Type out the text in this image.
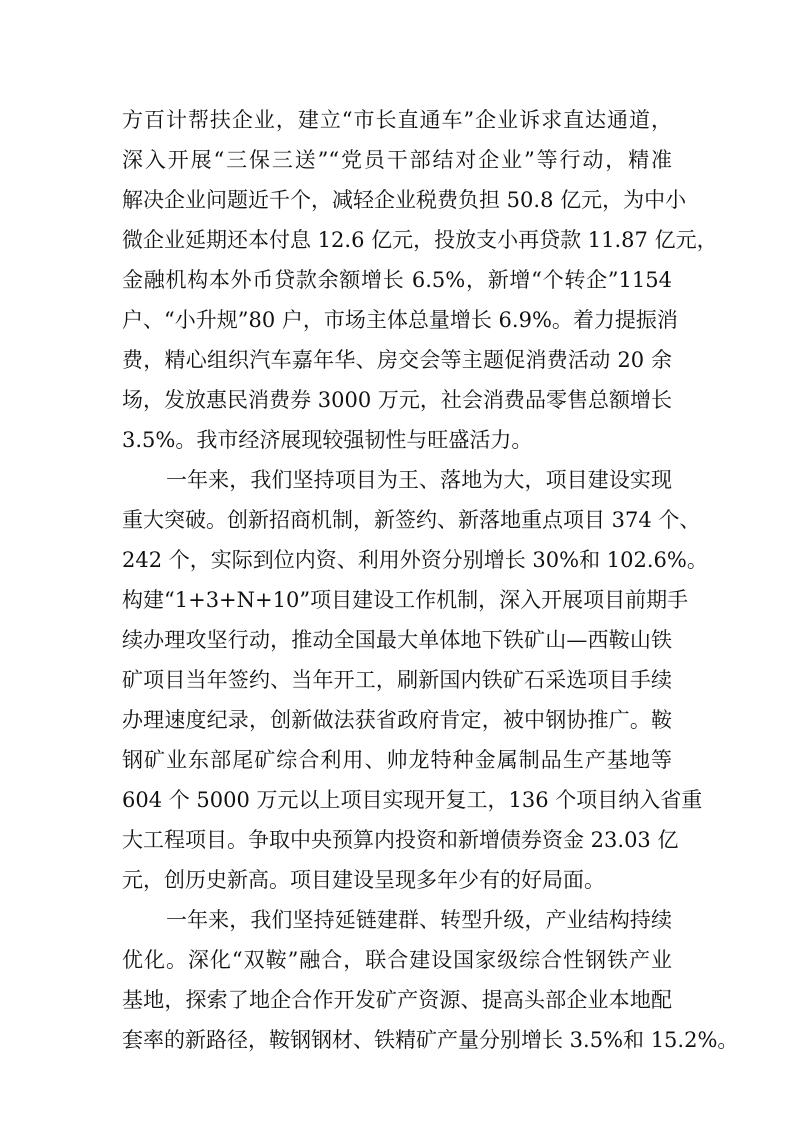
方百计帮扶企业，建立“市长直通车”企业诉求直达通道，
深入开展“三保三送”“党员干部结对企业”等行动，精准
解决企业问题近千个，减轻企业税费负担 50.8 亿元，为中小
微企业延期还本付息 12.6 亿元，投放支小再贷款 11.87 亿元，
金融机构本外币贷款余额增长 6.5%，新增“个转企”1154
户、“小升规”80 户，市场主体总量增长 6.9%。着力提振消
费，精心组织汽车嘉年华、房交会等主题促消费活动 20 余
场，发放惠民消费券 3000 万元，社会消费品零售总额增长
3.5%。我市经济展现较强韧性与旺盛活力。
一年来，我们坚持项目为王、落地为大，项目建设实现
重大突破。创新招商机制，新签约、新落地重点项目 374 个、
242 个，实际到位内资、利用外资分别增长 30%和 102.6%。
构建“1+3+N+10”项目建设工作机制，深入开展项目前期手
续办理攻坚行动，推动全国最大单体地下铁矿山—西鞍山铁
矿项目当年签约、当年开工，刷新国内铁矿石采选项目手续
办理速度纪录，创新做法获省政府肯定，被中钢协推广。鞍
钢矿业东部尾矿综合利用、帅龙特种金属制品生产基地等
604 个 5000 万元以上项目实现开复工，136 个项目纳入省重
大工程项目。争取中央预算内投资和新增债券资金 23.03 亿
元，创历史新高。项目建设呈现多年少有的好局面。
一年来，我们坚持延链建群、转型升级，产业结构持续
优化。深化“双鞍”融合，联合建设国家级综合性钢铁产业
基地，探索了地企合作开发矿产资源、提高头部企业本地配
套率的新路径，鞍钢钢材、铁精矿产量分别增长 3.5%和 15.2%。
